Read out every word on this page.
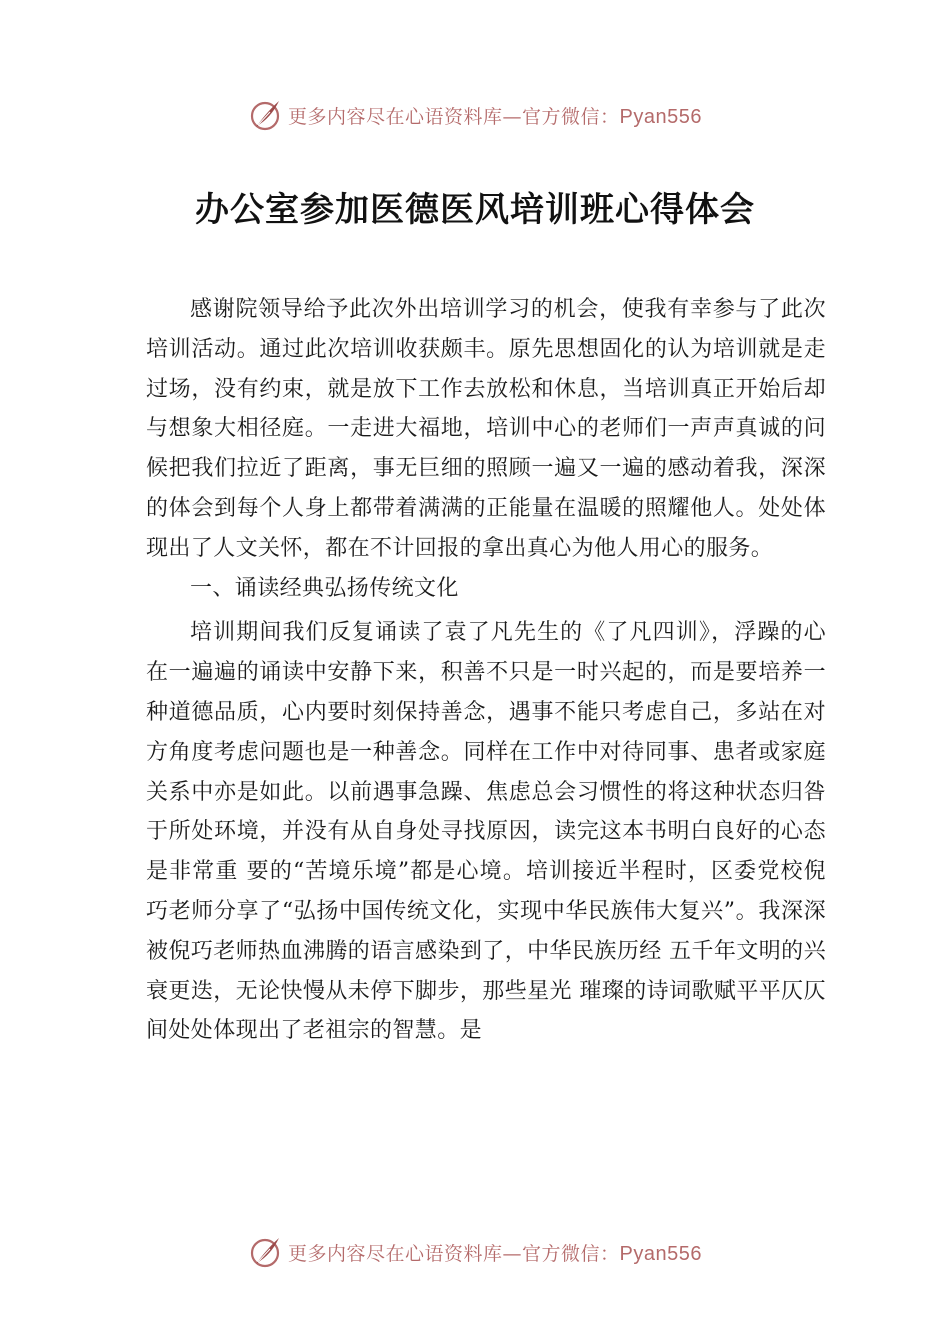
更多内容尽在心语资料库—官方微信：Pyan556
办公室参加医德医风培训班心得体会

感谢院领导给予此次外出培训学习的机会，使我有幸参与了此次培训活动。通过此次培训收获颇丰。原先思想固化的认为培训就是走过场，没有约束，就是放下工作去放松和休息，当培训真正开始后却与想象大相径庭。一走进大福地，培训中心的老师们一声声真诚的问候把我们拉近了距离，事无巨细的照顾一遍又一遍的感动着我，深深的体会到每个人身上都带着满满的正能量在温暖的照耀他人。处处体现出了人文关怀，都在不计回报的拿出真心为他人用心的服务。

一、诵读经典弘扬传统文化

培训期间我们反复诵读了袁了凡先生的《了凡四训》，浮躁的心在一遍遍的诵读中安静下来，积善不只是一时兴起的，而是要培养一种道德品质，心内要时刻保持善念，遇事不能只考虑自己，多站在对方角度考虑问题也是一种善念。同样在工作中对待同事、患者或家庭关系中亦是如此。以前遇事急躁、焦虑总会习惯性的将这种状态归咎于所处环境，并没有从自身处寻找原因，读完这本书明白良好的心态是非常重 要的“苦境乐境”都是心境。培训接近半程时，区委党校倪 巧老师分享了“弘扬中国传统文化，实现中华民族伟大复兴”。我深深被倪巧老师热血沸腾的语言感染到了，中华民族历经 五千年文明的兴衰更迭，无论快慢从未停下脚步，那些星光 璀璨的诗词歌赋平平仄仄间处处体现出了老祖宗的智慧。是

更多内容尽在心语资料库—官方微信：Pyan556
